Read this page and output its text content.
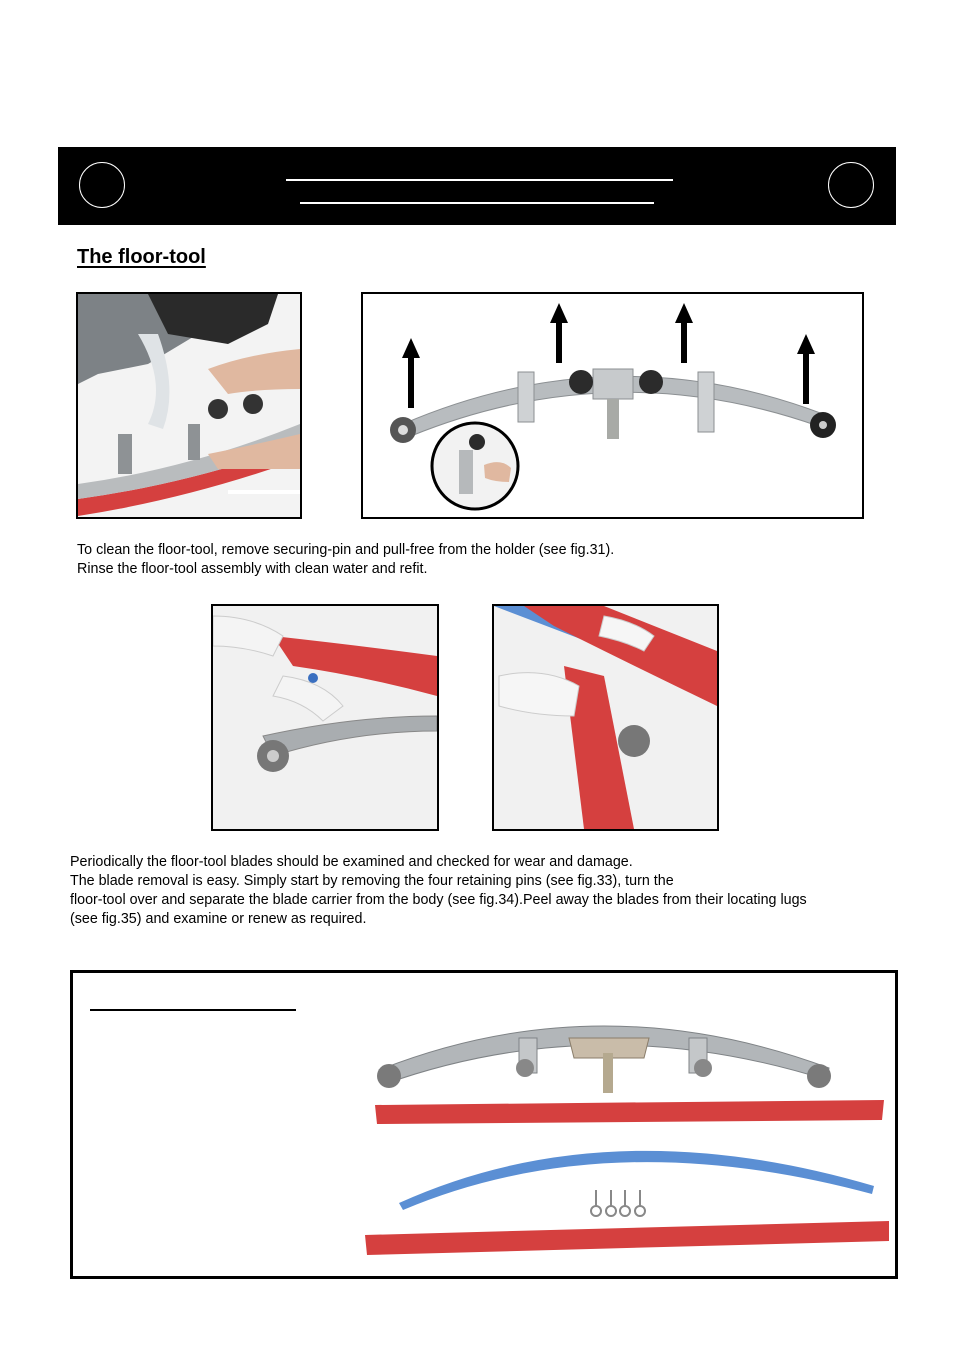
The floor-tool
To clean the floor-tool, remove securing-pin and pull-free from the holder (see fig.31).
Rinse the floor-tool assembly with clean water and refit.
Periodically the floor-tool blades should be examined and checked for wear and damage.
The blade removal is easy. Simply start by removing the four retaining pins (see fig.33), turn the
floor-tool over and separate the blade carrier from the body (see fig.34).Peel away the blades from their locating lugs
(see fig.35) and examine or renew as required.
